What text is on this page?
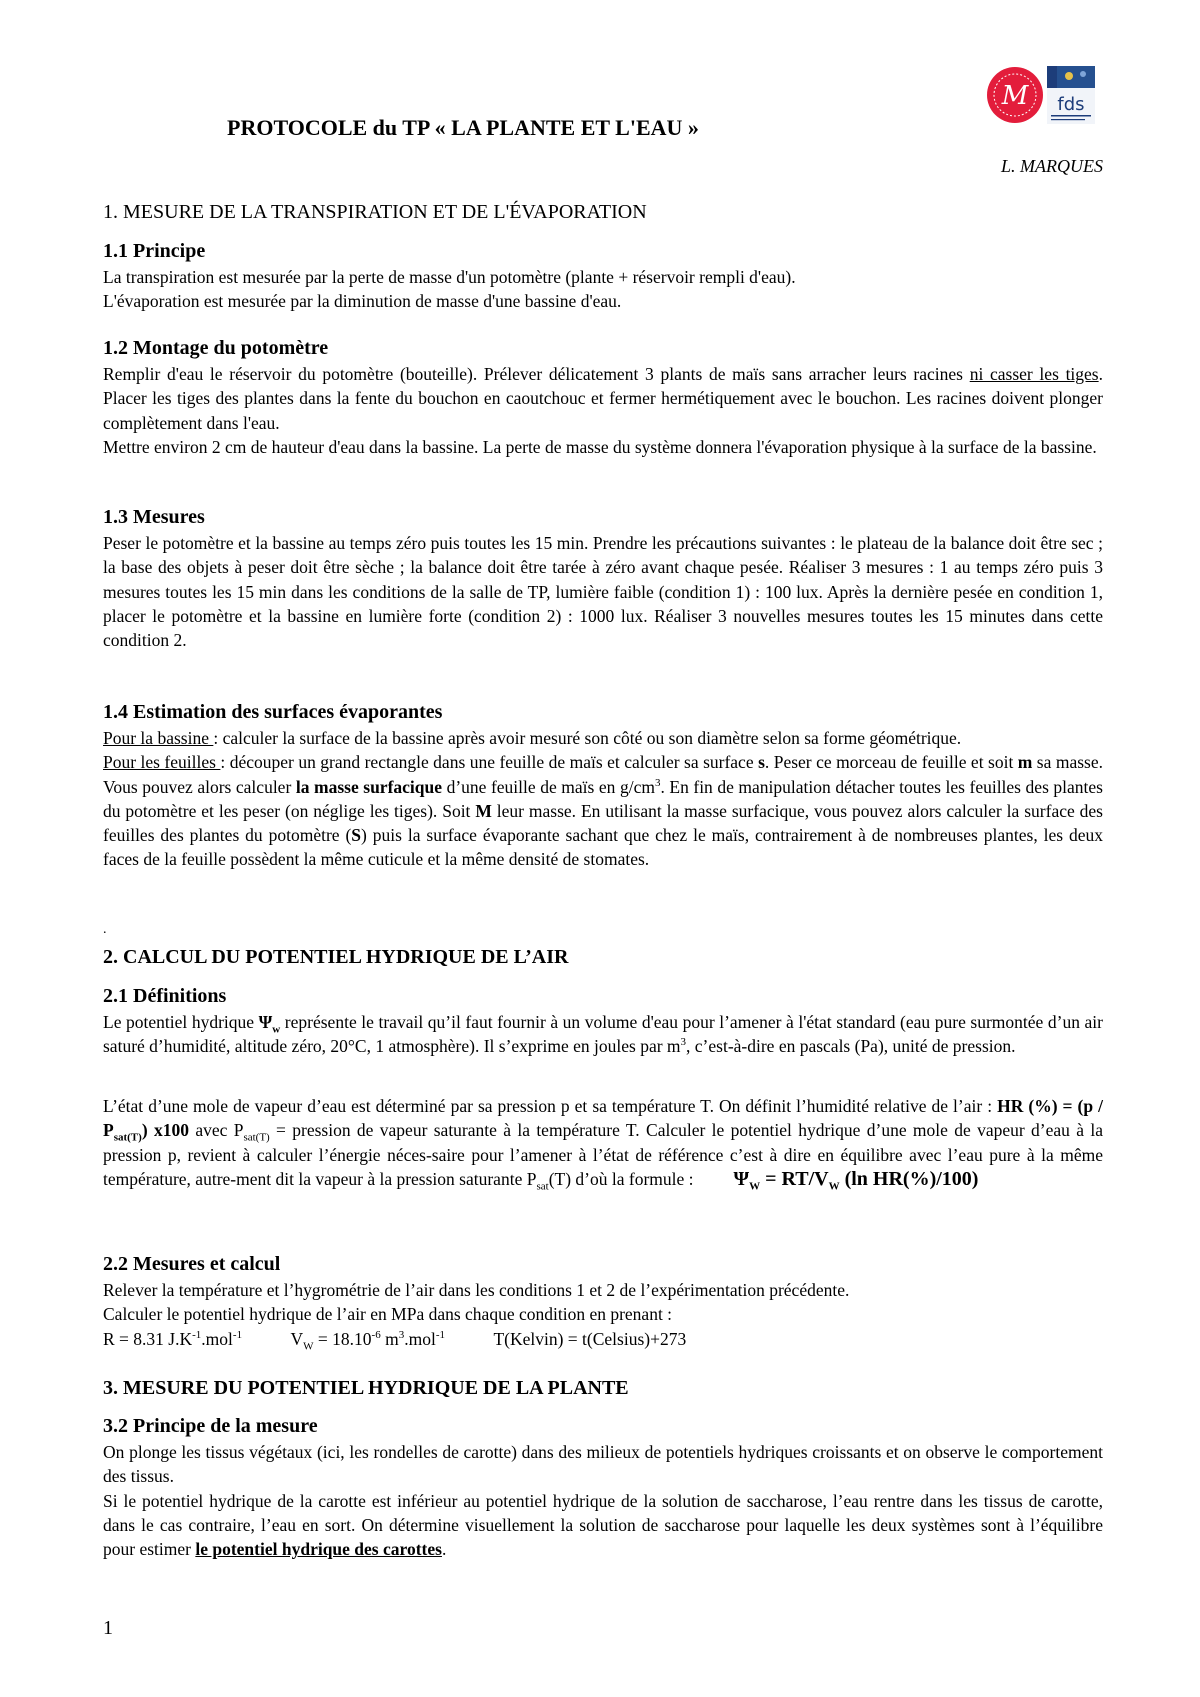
M fds
PROTOCOLE du TP « LA PLANTE ET L'EAU »
L. MARQUES
1. MESURE DE LA TRANSPIRATION ET DE L'ÉVAPORATION
1.1 Principe
La transpiration est mesurée par la perte de masse d'un potomètre (plante + réservoir rempli d'eau).
L'évaporation est mesurée par la diminution de masse d'une bassine d'eau.
1.2 Montage du potomètre
Remplir d'eau le réservoir du potomètre (bouteille). Prélever délicatement 3 plants de maïs sans arracher leurs racines ni casser les tiges. Placer les tiges des plantes dans la fente du bouchon en caoutchouc et fermer hermétiquement avec le bouchon. Les racines doivent plonger complètement dans l'eau.
Mettre environ 2 cm de hauteur d'eau dans la bassine. La perte de masse du système donnera l'évaporation physique à la surface de la bassine.
1.3 Mesures
Peser le potomètre et la bassine au temps zéro puis toutes les 15 min. Prendre les précautions suivantes : le plateau de la balance doit être sec ; la base des objets à peser doit être sèche ; la balance doit être tarée à zéro avant chaque pesée. Réaliser 3 mesures : 1 au temps zéro puis 3 mesures toutes les 15 min dans les conditions de la salle de TP, lumière faible (condition 1) : 100 lux. Après la dernière pesée en condition 1, placer le potomètre et la bassine en lumière forte (condition 2) : 1000 lux. Réaliser 3 nouvelles mesures toutes les 15 minutes dans cette condition 2.
1.4 Estimation des surfaces évaporantes
Pour la bassine : calculer la surface de la bassine après avoir mesuré son côté ou son diamètre selon sa forme géométrique.
Pour les feuilles : découper un grand rectangle dans une feuille de maïs et calculer sa surface s. Peser ce morceau de feuille et soit m sa masse. Vous pouvez alors calculer la masse surfacique d’une feuille de maïs en $g/cm^3$. En fin de manipulation détacher toutes les feuilles des plantes du potomètre et les peser (on néglige les tiges). Soit M leur masse. En utilisant la masse surfacique, vous pouvez alors calculer la surface des feuilles des plantes du potomètre (S) puis la surface évaporante sachant que chez le maïs, contrairement à de nombreuses plantes, les deux faces de la feuille possèdent la même cuticule et la même densité de stomates.
.
2. CALCUL DU POTENTIEL HYDRIQUE DE L’AIR
2.1 Définitions
Le potentiel hydrique $\Psi_w$ représente le travail qu’il faut fournir à un volume d'eau pour l’amener à l'état standard (eau pure surmontée d’un air saturé d’humidité, altitude zéro, 20°C, 1 atmosphère). Il s’exprime en joules par $m^3$, c’est-à-dire en pascals (Pa), unité de pression.
L’état d’une mole de vapeur d’eau est déterminé par sa pression p et sa température T. On définit l’humidité relative de l’air : HR (%) = $(p / P_{sat(T)})$ x100 avec $P_{sat(T)}$ = pression de vapeur saturante à la température T. Calculer le potentiel hydrique d’une mole de vapeur d’eau à la pression p, revient à calculer l’énergie néces-saire pour l’amener à l’état de référence c’est à dire en équilibre avec l’eau pure à la même température, autre-ment dit la vapeur à la pression saturante $P_{sat}(T)$ d’où la formule : $\Psi_W = RT/V_W$ (ln HR(%)/100)
2.2 Mesures et calcul
Relever la température et l’hygrométrie de l’air dans les conditions 1 et 2 de l’expérimentation précédente.
Calculer le potentiel hydrique de l’air en MPa dans chaque condition en prenant :
R = 8.31 $J.K^{-1}.mol^{-1}$	$V_W = 18.10^{-6}$ $m^3.mol^{-1}$	T(Kelvin) = t(Celsius)+273
3. MESURE DU POTENTIEL HYDRIQUE DE LA PLANTE
3.2 Principe de la mesure
On plonge les tissus végétaux (ici, les rondelles de carotte) dans des milieux de potentiels hydriques croissants et on observe le comportement des tissus.
Si le potentiel hydrique de la carotte est inférieur au potentiel hydrique de la solution de saccharose, l’eau rentre dans les tissus de carotte, dans le cas contraire, l’eau en sort. On détermine visuellement la solution de saccharose pour laquelle les deux systèmes sont à l’équilibre pour estimer le potentiel hydrique des carottes.
1
